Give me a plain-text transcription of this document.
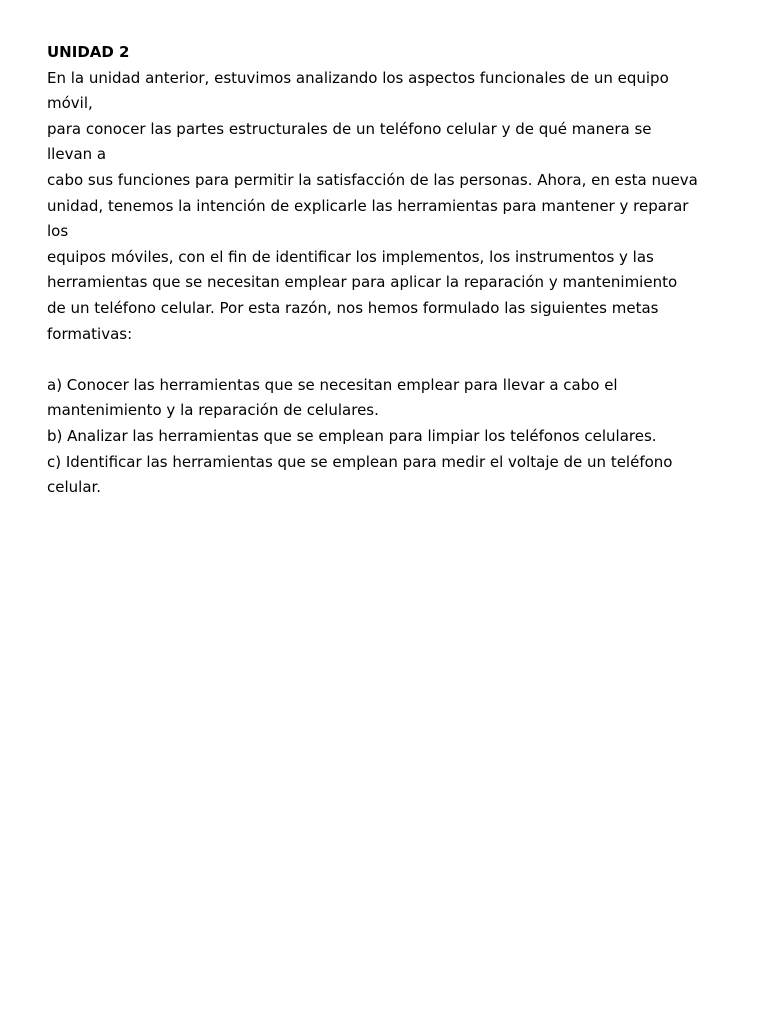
UNIDAD 2

En la unidad anterior, estuvimos analizando los aspectos funcionales de un equipo

móvil,

para conocer las partes estructurales de un teléfono celular y de qué manera se

llevan a

cabo sus funciones para permitir la satisfacción de las personas. Ahora, en esta nueva

unidad, tenemos la intención de explicarle las herramientas para mantener y reparar

los

equipos móviles, con el fin de identificar los implementos, los instrumentos y las

herramientas que se necesitan emplear para aplicar la reparación y mantenimiento

de un teléfono celular. Por esta razón, nos hemos formulado las siguientes metas

formativas:

a) Conocer las herramientas que se necesitan emplear para llevar a cabo el

mantenimiento y la reparación de celulares.

b) Analizar las herramientas que se emplean para limpiar los teléfonos celulares.

c) Identificar las herramientas que se emplean para medir el voltaje de un teléfono

celular.
